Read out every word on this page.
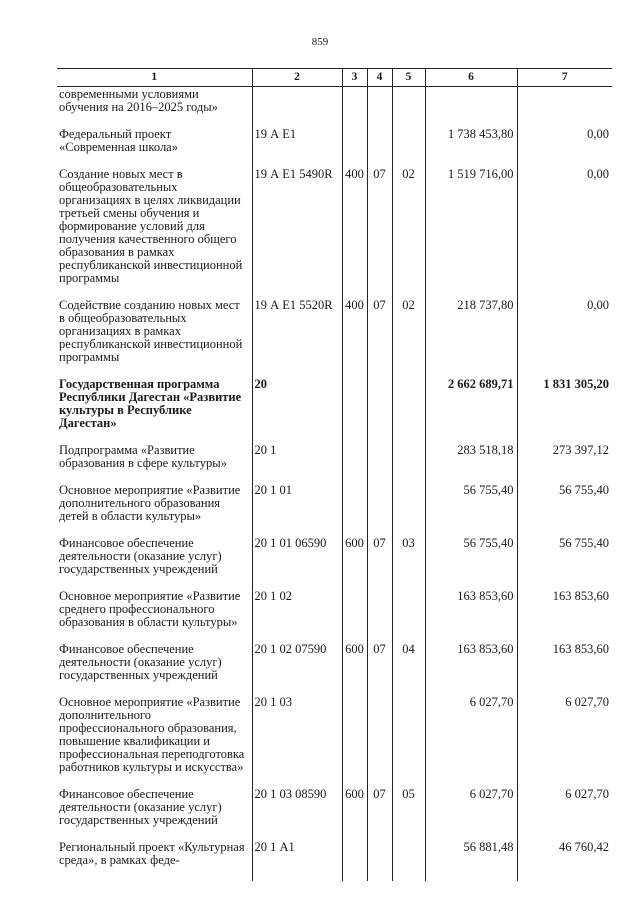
859
1	2	3	4	5	6	7
современными условиями обучения на 2016–2025 годы»						
Федеральный проект «Современная школа»	19 А Е1				1 738 453,80	0,00
Создание новых мест в общеобразовательных организациях в целях ликвидации третьей смены обучения и формирование условий для получения качественного общего образования в рамках республиканской инвестиционной программы	19 А Е1 5490R	400	07	02	1 519 716,00	0,00
Содействие созданию новых мест в общеобразовательных организациях в рамках республиканской инвестиционной программы	19 А Е1 5520R	400	07	02	218 737,80	0,00
Государственная программа Республики Дагестан «Развитие культуры в Республике Дагестан»	20				2 662 689,71	1 831 305,20
Подпрограмма «Развитие образования в сфере культуры»	20 1				283 518,18	273 397,12
Основное мероприятие «Развитие дополнительного образования детей в области культуры»	20 1 01				56 755,40	56 755,40
Финансовое обеспечение деятельности (оказание услуг) государственных учреждений	20 1 01 06590	600	07	03	56 755,40	56 755,40
Основное мероприятие «Развитие среднего профессионального образования в области культуры»	20 1 02				163 853,60	163 853,60
Финансовое обеспечение деятельности (оказание услуг) государственных учреждений	20 1 02 07590	600	07	04	163 853,60	163 853,60
Основное мероприятие «Развитие дополнительного профессионального образования, повышение квалификации и профессиональная переподготовка работников культуры и искусства»	20 1 03				6 027,70	6 027,70
Финансовое обеспечение деятельности (оказание услуг) государственных учреждений	20 1 03 08590	600	07	05	6 027,70	6 027,70
Региональный проект «Культурная среда», в рамках феде-	20 1 А1				56 881,48	46 760,42
